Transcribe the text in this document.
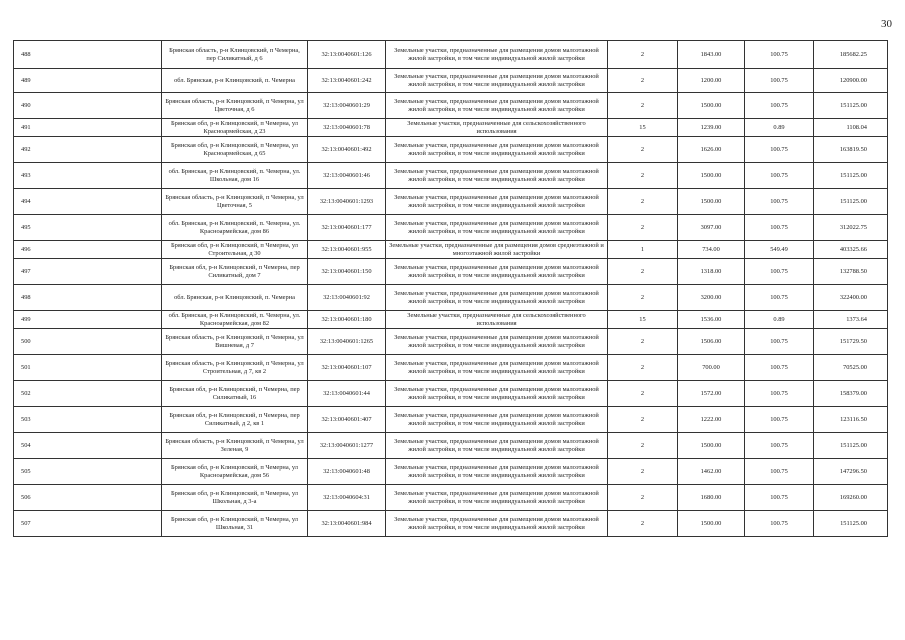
30
488	Брянская область, р-н Клинцовский, п Чемерна, пер Силикатный, д 6	32:13:0040601:126	Земельные участки, предназначенные для размещения домов малоэтажной жилой застройки, в том числе индивидуальной жилой застройки	2	1843.00	100.75	185682.25
489	обл. Брянская, р-н Клинцовский, п. Чемерна	32:13:0040601:242	Земельные участки, предназначенные для размещения домов малоэтажной жилой застройки, в том числе индивидуальной жилой застройки	2	1200.00	100.75	120900.00
490	Брянская область, р-н Клинцовский, п Чемерна, ул Цветочная, д 6	32:13:0040601:29	Земельные участки, предназначенные для размещения домов малоэтажной жилой застройки, в том числе индивидуальной жилой застройки	2	1500.00	100.75	151125.00
491	Брянская обл, р-н Клинцовский, п Чемерна, ул Красноармейская, д 23	32:13:0040601:78	Земельные участки, предназначенные для сельскохозяйственного использования	15	1239.00	0.89	1108.04
492	Брянская обл, р-н Клинцовский, п Чемерна, ул Красноармейская, д 65	32:13:0040601:492	Земельные участки, предназначенные для размещения домов малоэтажной жилой застройки, в том числе индивидуальной жилой застройки	2	1626.00	100.75	163819.50
493	обл. Брянская, р-н Клинцовский, п. Чемерна, ул. Школьная, дом 16	32:13:0040601:46	Земельные участки, предназначенные для размещения домов малоэтажной жилой застройки, в том числе индивидуальной жилой застройки	2	1500.00	100.75	151125.00
494	Брянская область, р-н Клинцовский, п Чемерна, ул Цветочная, 5	32:13:0040601:1293	Земельные участки, предназначенные для размещения домов малоэтажной жилой застройки, в том числе индивидуальной жилой застройки	2	1500.00	100.75	151125.00
495	обл. Брянская, р-н Клинцовский, п. Чемерна, ул. Красноармейская, дом 86	32:13:0040601:177	Земельные участки, предназначенные для размещения домов малоэтажной жилой застройки, в том числе индивидуальной жилой застройки	2	3097.00	100.75	312022.75
496	Брянская обл, р-н Клинцовский, п Чемерна, ул Строительная, д 30	32:13:0040601:955	Земельные участки, предназначенные для размещения домов среднеэтажной и многоэтажной жилой застройки	1	734.00	549.49	403325.66
497	Брянская обл, р-н Клинцовский, п Чемерна, пер Силикатный, дом 7	32:13:0040601:150	Земельные участки, предназначенные для размещения домов малоэтажной жилой застройки, в том числе индивидуальной жилой застройки	2	1318.00	100.75	132788.50
498	обл. Брянская, р-н Клинцовский, п. Чемерна	32:13:0040601:92	Земельные участки, предназначенные для размещения домов малоэтажной жилой застройки, в том числе индивидуальной жилой застройки	2	3200.00	100.75	322400.00
499	обл. Брянская, р-н Клинцовский, п. Чемерна, ул. Красноармейская, дом 82	32:13:0040601:180	Земельные участки, предназначенные для сельскохозяйственного использования	15	1536.00	0.89	1373.64
500	Брянская область, р-н Клинцовский, п Чемерна, ул Вишневая, д 7	32:13:0040601:1265	Земельные участки, предназначенные для размещения домов малоэтажной жилой застройки, в том числе индивидуальной жилой застройки	2	1506.00	100.75	151729.50
501	Брянская область, р-н Клинцовский, п Чемерна, ул Строительная, д 7, кв 2	32:13:0040601:107	Земельные участки, предназначенные для размещения домов малоэтажной жилой застройки, в том числе индивидуальной жилой застройки	2	700.00	100.75	70525.00
502	Брянская обл, р-н Клинцовский, п Чемерна, пер Силикатный, 16	32:13:0040601:44	Земельные участки, предназначенные для размещения домов малоэтажной жилой застройки, в том числе индивидуальной жилой застройки	2	1572.00	100.75	158379.00
503	Брянская обл, р-н Клинцовский, п Чемерна, пер Силикатный, д 2, кв 1	32:13:0040601:407	Земельные участки, предназначенные для размещения домов малоэтажной жилой застройки, в том числе индивидуальной жилой застройки	2	1222.00	100.75	123116.50
504	Брянская область, р-н Клинцовский, п Чемерна, ул Зеленая, 9	32:13:0040601:1277	Земельные участки, предназначенные для размещения домов малоэтажной жилой застройки, в том числе индивидуальной жилой застройки	2	1500.00	100.75	151125.00
505	Брянская обл, р-н Клинцовский, п Чемерна, ул Красноармейская, дом 56	32:13:0040601:48	Земельные участки, предназначенные для размещения домов малоэтажной жилой застройки, в том числе индивидуальной жилой застройки	2	1462.00	100.75	147296.50
506	Брянская обл, р-н Клинцовский, п Чемерна, ул Школьная, д 3-а	32:13:0040604:31	Земельные участки, предназначенные для размещения домов малоэтажной жилой застройки, в том числе индивидуальной жилой застройки	2	1680.00	100.75	169260.00
507	Брянская обл, р-н Клинцовский, п Чемерна, ул Школьная, 31	32:13:0040601:984	Земельные участки, предназначенные для размещения домов малоэтажной жилой застройки, в том числе индивидуальной жилой застройки	2	1500.00	100.75	151125.00
